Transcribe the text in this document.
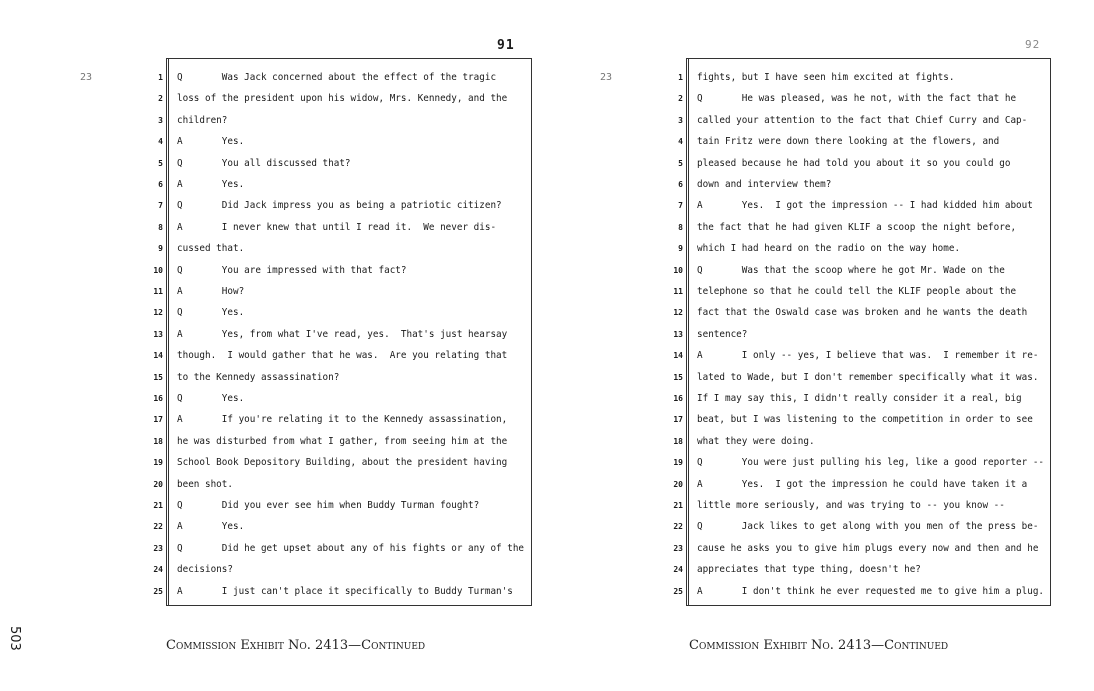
503
23
91
1 Q       Was Jack concerned about the effect of the tragic
2 loss of the president upon his widow, Mrs. Kennedy, and the
3 children?
4 A       Yes.
5 Q       You all discussed that?
6 A       Yes.
7 Q       Did Jack impress you as being a patriotic citizen?
8 A       I never knew that until I read it.  We never dis-
9 cussed that.
10 Q       You are impressed with that fact?
11 A       How?
12 Q       Yes.
13 A       Yes, from what I've read, yes.  That's just hearsay
14 though.  I would gather that he was.  Are you relating that
15 to the Kennedy assassination?
16 Q       Yes.
17 A       If you're relating it to the Kennedy assassination,
18 he was disturbed from what I gather, from seeing him at the
19 School Book Depository Building, about the president having
20 been shot.
21 Q       Did you ever see him when Buddy Turman fought?
22 A       Yes.
23 Q       Did he get upset about any of his fights or any of the
24 decisions?
25 A       I just can't place it specifically to Buddy Turman's
Commission Exhibit No. 2413—Continued
23
92
1 fights, but I have seen him excited at fights.
2 Q       He was pleased, was he not, with the fact that he
3 called your attention to the fact that Chief Curry and Cap-
4 tain Fritz were down there looking at the flowers, and
5 pleased because he had told you about it so you could go
6 down and interview them?
7 A       Yes.  I got the impression -- I had kidded him about
8 the fact that he had given KLIF a scoop the night before,
9 which I had heard on the radio on the way home.
10 Q       Was that the scoop where he got Mr. Wade on the
11 telephone so that he could tell the KLIF people about the
12 fact that the Oswald case was broken and he wants the death
13 sentence?
14 A       I only -- yes, I believe that was.  I remember it re-
15 lated to Wade, but I don't remember specifically what it was.
16 If I may say this, I didn't really consider it a real, big
17 beat, but I was listening to the competition in order to see
18 what they were doing.
19 Q       You were just pulling his leg, like a good reporter --
20 A       Yes.  I got the impression he could have taken it a
21 little more seriously, and was trying to -- you know --
22 Q       Jack likes to get along with you men of the press be-
23 cause he asks you to give him plugs every now and then and he
24 appreciates that type thing, doesn't he?
25 A       I don't think he ever requested me to give him a plug.
Commission Exhibit No. 2413—Continued
